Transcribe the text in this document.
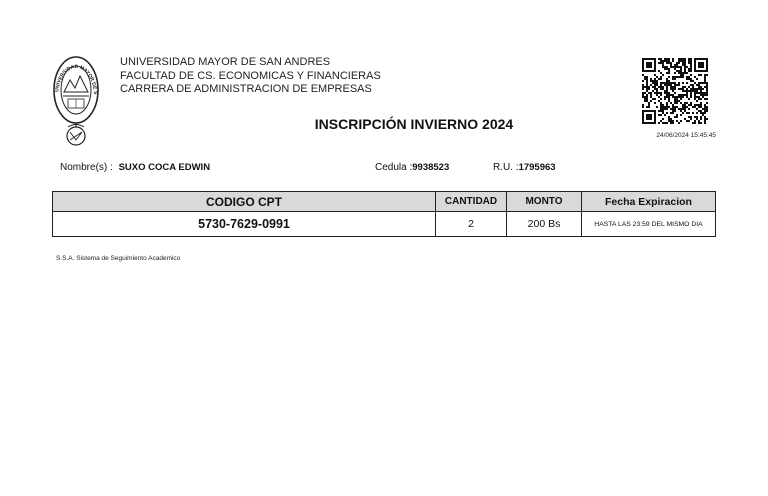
UNIVERSIDAD MAYOR DE S
UNIVERSIDAD MAYOR DE SAN ANDRES
FACULTAD DE CS. ECONOMICAS Y FINANCIERAS
CARRERA DE ADMINISTRACION DE EMPRESAS
INSCRIPCIÓN INVIERNO 2024
24/06/2024 15:45:45
Nombre(s) : SUXO COCA EDWIN	Cedula :9938523	R.U. :1795963
CODIGO CPT	CANTIDAD	MONTO	Fecha Expiracion
5730-7629-0991	2	200 Bs	HASTA LAS 23:59 DEL MISMO DIA
S.S.A. Sistema de Seguimiento Academico
